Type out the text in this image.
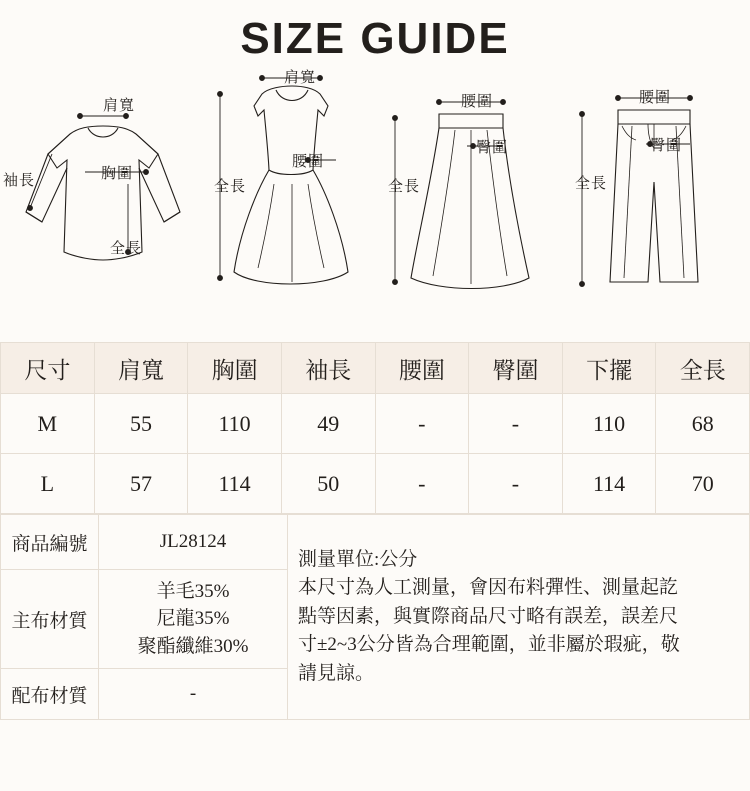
SIZE GUIDE
肩寬
袖長	胸圍
全長
肩寬
腰圍
全長
腰圍
臀圍
全長
腰圍
臀圍
全長
尺寸	肩寬	胸圍	袖長	腰圍	臀圍	下擺	全長
M	55	110	49	-	-	110	68
L	57	114	50	-	-	114	70
商品編號	JL28124	測量單位:公分
本尺寸為人工測量，會因布料彈性、測量起訖
點等因素，與實際商品尺寸略有誤差，誤差尺
寸±2~3公分皆為合理範圍，並非屬於瑕疵，敬
請見諒。

主布材質	羊毛35%
尼龍35%
聚酯纖維30%	

配布材質	-	
